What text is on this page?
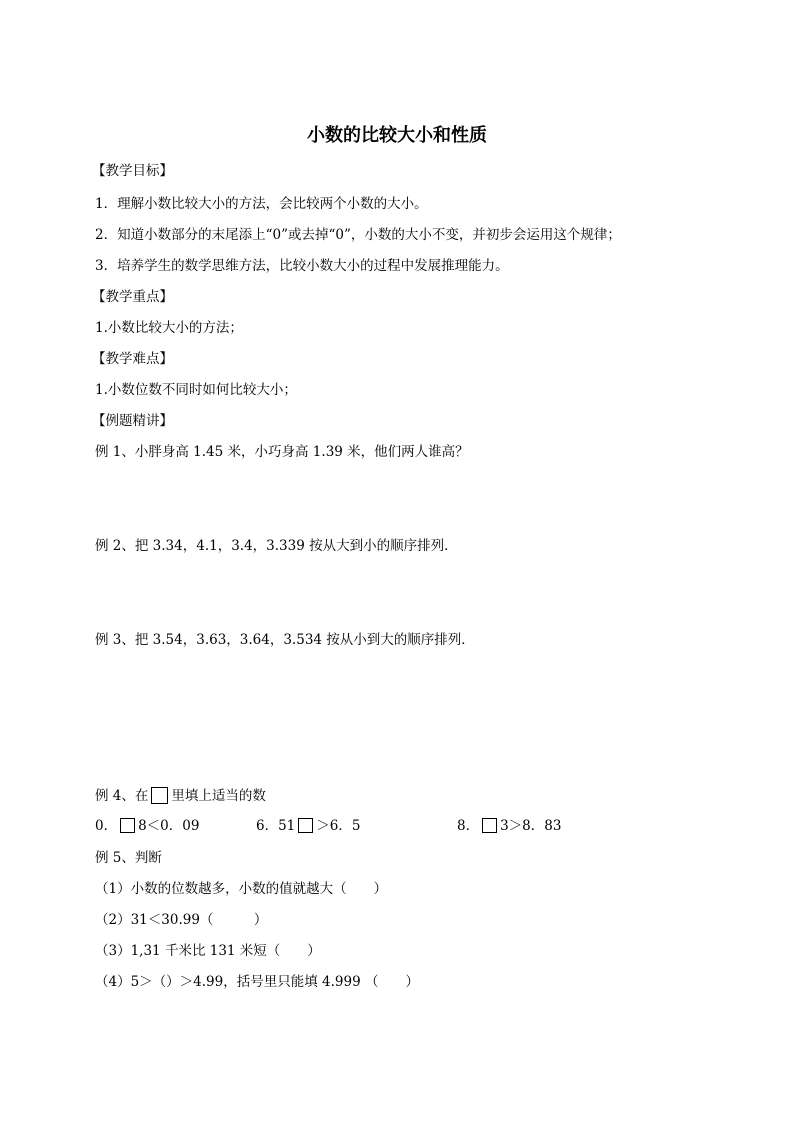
小数的比较大小和性质
【教学目标】
1．理解小数比较大小的方法，会比较两个小数的大小。
2．知道小数部分的末尾添上“0”或去掉“0”，小数的大小不变，并初步会运用这个规律；
3．培养学生的数学思维方法，比较小数大小的过程中发展推理能力。
【教学重点】
1.小数比较大小的方法；
【教学难点】
1.小数位数不同时如何比较大小；
【例题精讲】
例 1、小胖身高 1.45 米，小巧身高 1.39 米，他们两人谁高？
例 2、把 3.34，4.1，3.4，3.339 按从大到小的顺序排列．
例 3、把 3.54，3.63，3.64，3.534 按从小到大的顺序排列．
例 4、在 里填上适当的数
0． 8＜0．09	6．51 ＞6．5	8． 3＞8．83
例 5、判断
（1）小数的位数越多，小数的值就越大（　　）
（2）31＜30.99（　　　）
（3）1,31 千米比 131 米短（　　）
（4）5＞（）＞4.99，括号里只能填 4.999 （　　）
